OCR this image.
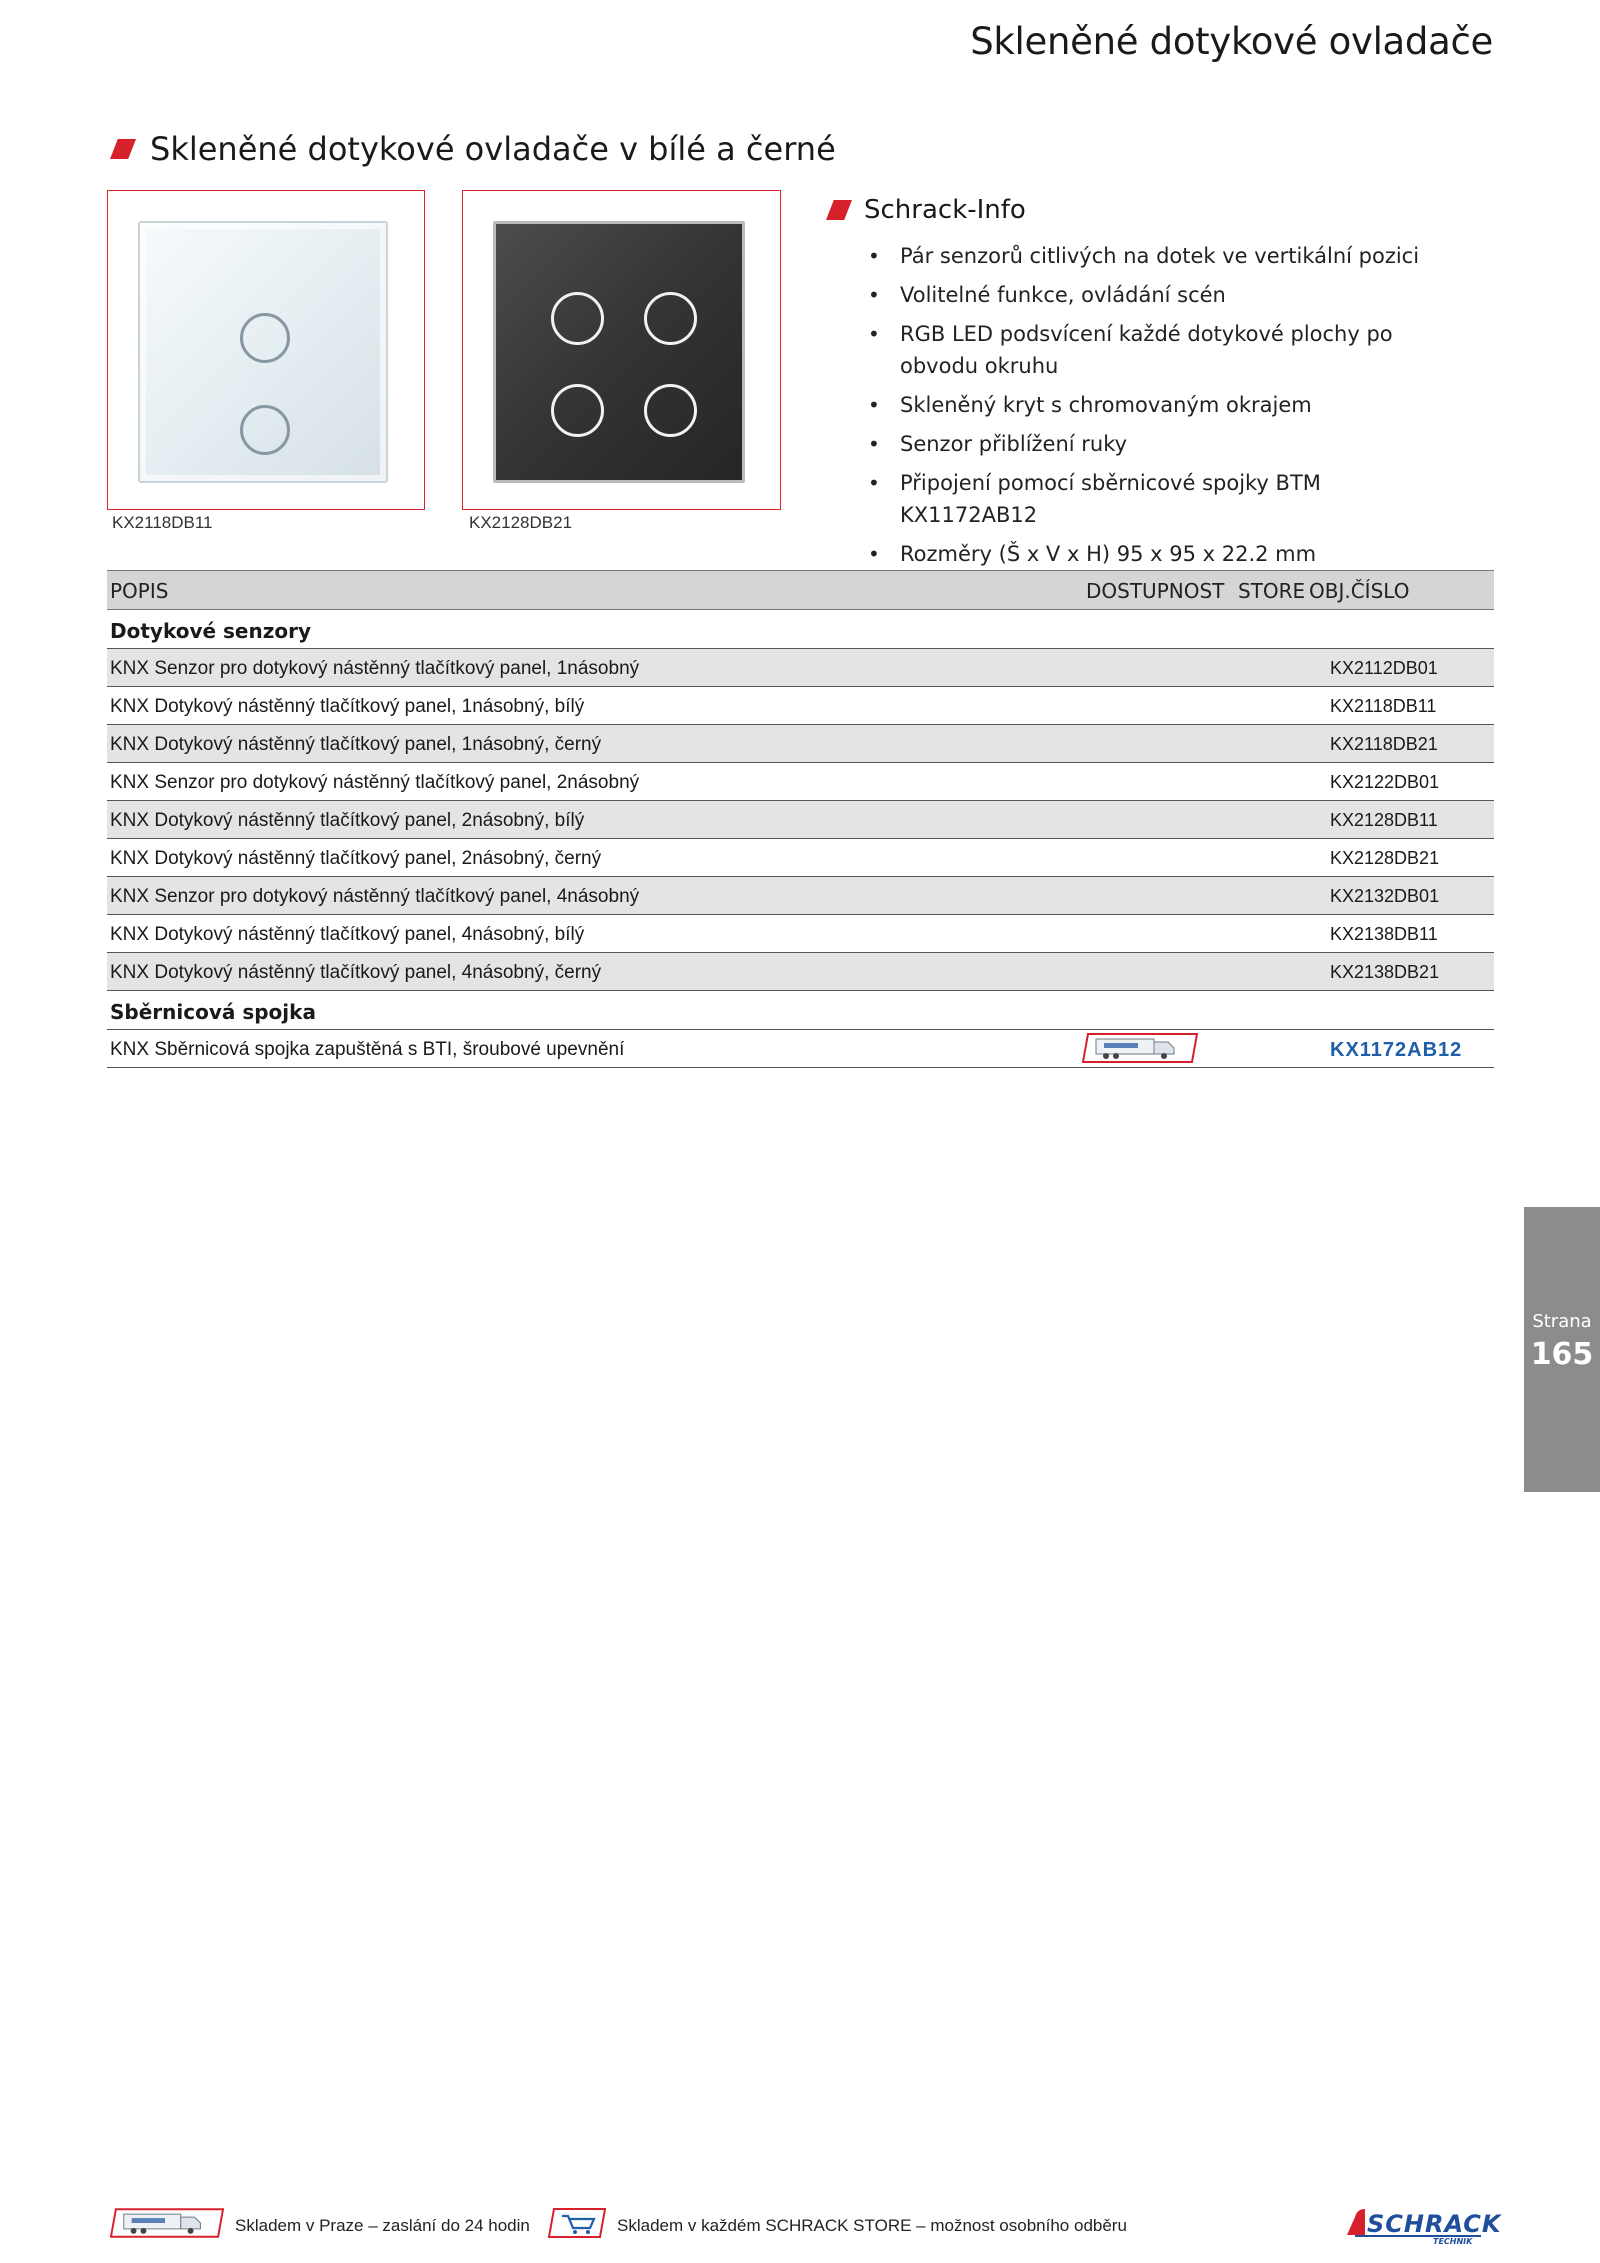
Skleněné dotykové ovladače
Skleněné dotykové ovladače v bílé a černé
KX2118DB11	KX2128DB21
Schrack-Info
• Pár senzorů citlivých na dotek ve vertikální pozici
• Volitelné funkce, ovládání scén
• RGB LED podsvícení každé dotykové plochy po obvodu okruhu
• Skleněný kryt s chromovaným okrajem
• Senzor přiblížení ruky
• Připojení pomocí sběrnicové spojky BTM KX1172AB12
• Rozměry (Š x V x H) 95 x 95 x 22.2 mm
POPIS	DOSTUPNOST STORE OBJ.ČÍSLO
Dotykové senzory
KNX Senzor pro dotykový nástěnný tlačítkový panel, 1násobný	KX2112DB01
KNX Dotykový nástěnný tlačítkový panel, 1násobný, bílý	KX2118DB11
KNX Dotykový nástěnný tlačítkový panel, 1násobný, černý	KX2118DB21
KNX Senzor pro dotykový nástěnný tlačítkový panel, 2násobný	KX2122DB01
KNX Dotykový nástěnný tlačítkový panel, 2násobný, bílý	KX2128DB11
KNX Dotykový nástěnný tlačítkový panel, 2násobný, černý	KX2128DB21
KNX Senzor pro dotykový nástěnný tlačítkový panel, 4násobný	KX2132DB01
KNX Dotykový nástěnný tlačítkový panel, 4násobný, bílý	KX2138DB11
KNX Dotykový nástěnný tlačítkový panel, 4násobný, černý	KX2138DB21
Sběrnicová spojka
KNX Sběrnicová spojka zapuštěná s BTI, šroubové upevnění	KX1172AB12
Strana
165
Skladem v Praze – zaslání do 24 hodin	Skladem v každém SCHRACK STORE – možnost osobního odběru	SCHRACK
TECHNIK
